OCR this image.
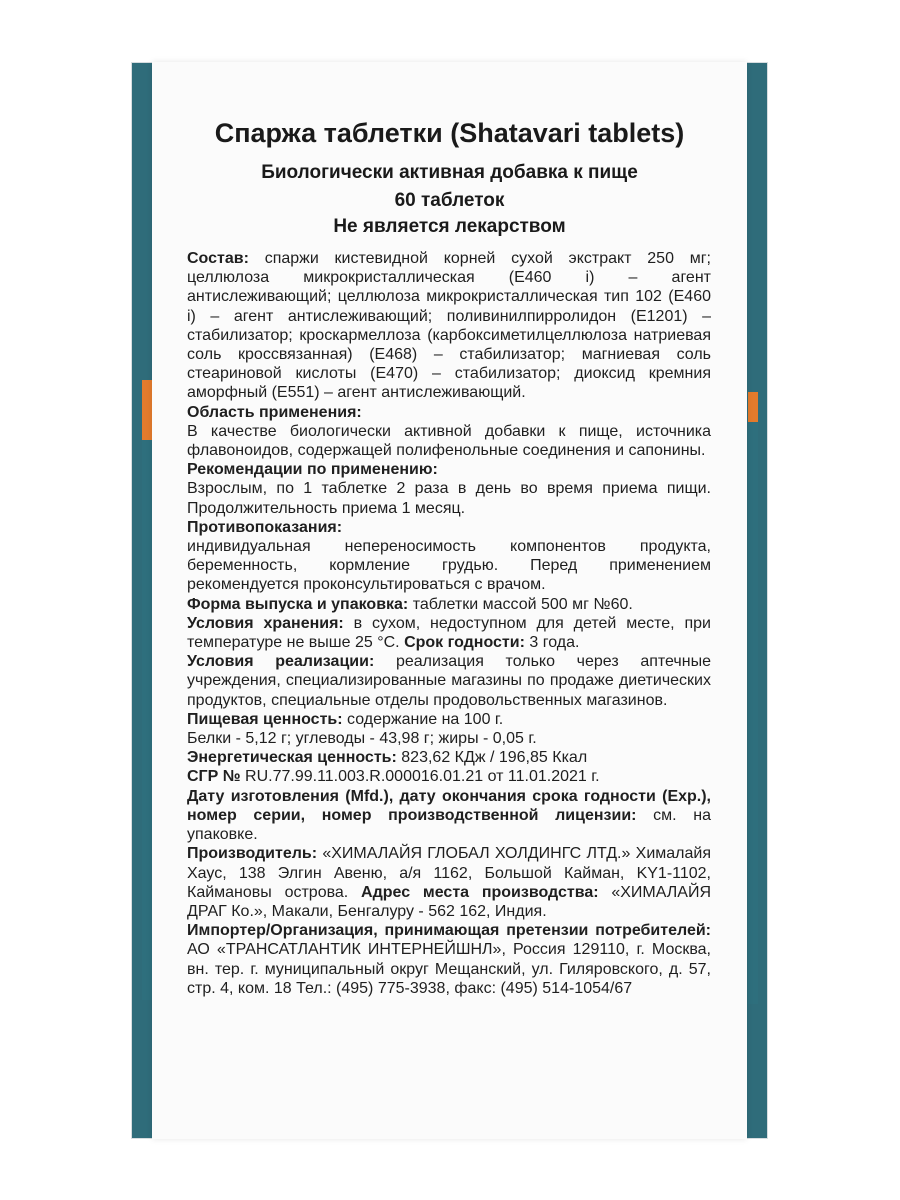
Спаржа таблетки (Shatavari tablets)
Биологически активная добавка к пище
60 таблеток
Не является лекарством

Состав: спаржи кистевидной корней сухой экстракт 250 мг; целлюлоза микрокристаллическая (Е460 i) – агент антислеживающий; целлюлоза микрокристаллическая тип 102 (Е460 i) – агент антислеживающий; поливинилпирролидон (Е1201) – стабилизатор; кроскармеллоза (карбоксиметилцеллюлоза натриевая соль кроссвязанная) (Е468) – стабилизатор; магниевая соль стеариновой кислоты (Е470) – стабилизатор; диоксид кремния аморфный (Е551) – агент антислеживающий.

Область применения:
В качестве биологически активной добавки к пище, источника флавоноидов, содержащей полифенольные соединения и сапонины.

Рекомендации по применению:
Взрослым, по 1 таблетке 2 раза в день во время приема пищи. Продолжительность приема 1 месяц.

Противопоказания:
индивидуальная непереносимость компонентов продукта, беременность, кормление грудью. Перед применением рекомендуется проконсультироваться с врачом.

Форма выпуска и упаковка: таблетки массой 500 мг №60.

Условия хранения: в сухом, недоступном для детей месте, при температуре не выше 25 °С. Срок годности: 3 года.

Условия реализации: реализация только через аптечные учреждения, специализированные магазины по продаже диетических продуктов, специальные отделы продовольственных магазинов.

Пищевая ценность: содержание на 100 г.
Белки - 5,12 г; углеводы - 43,98 г; жиры - 0,05 г.

Энергетическая ценность: 823,62 КДж / 196,85 Ккал

СГР № RU.77.99.11.003.R.000016.01.21 от 11.01.2021 г.

Дату изготовления (Mfd.), дату окончания срока годности (Exp.), номер серии, номер производственной лицензии: см. на упаковке.

Производитель: «ХИМАЛАЙЯ ГЛОБАЛ ХОЛДИНГС ЛТД.» Хималайя Хаус, 138 Элгин Авеню, а/я 1162, Большой Кайман, KY1-1102, Каймановы острова. Адрес места производства: «ХИМАЛАЙЯ ДРАГ Ко.», Макали, Бенгалуру - 562 162, Индия.

Импортер/Организация, принимающая претензии потребителей: АО «ТРАНСАТЛАНТИК ИНТЕРНЕЙШНЛ», Россия 129110, г. Москва, вн. тер. г. муниципальный округ Мещанский, ул. Гиляровского, д. 57, стр. 4, ком. 18 Тел.: (495) 775-3938, факс: (495) 514-1054/67
